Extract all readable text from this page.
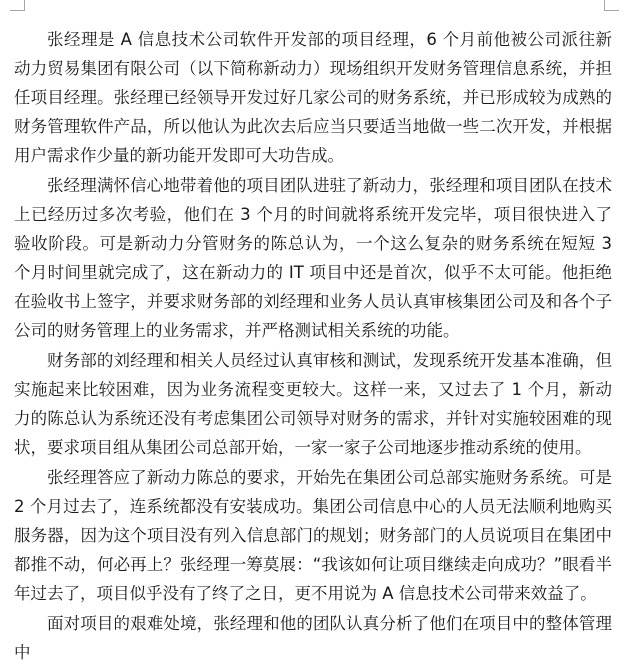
张经理是 A 信息技术公司软件开发部的项目经理，6 个月前他被公司派往新动力贸易集团有限公司（以下简称新动力）现场组织开发财务管理信息系统，并担任项目经理。张经理已经领导开发过好几家公司的财务系统，并已形成较为成熟的财务管理软件产品，所以他认为此次去后应当只要适当地做一些二次开发，并根据用户需求作少量的新功能开发即可大功告成。

张经理满怀信心地带着他的项目团队进驻了新动力，张经理和项目团队在技术上已经历过多次考验，他们在 3 个月的时间就将系统开发完毕，项目很快进入了验收阶段。可是新动力分管财务的陈总认为，一个这么复杂的财务系统在短短 3 个月时间里就完成了，这在新动力的 IT 项目中还是首次，似乎不太可能。他拒绝在验收书上签字，并要求财务部的刘经理和业务人员认真审核集团公司及和各个子公司的财务管理上的业务需求，并严格测试相关系统的功能。

财务部的刘经理和相关人员经过认真审核和测试，发现系统开发基本准确，但实施起来比较困难，因为业务流程变更较大。这样一来，又过去了 1 个月，新动力的陈总认为系统还没有考虑集团公司领导对财务的需求，并针对实施较困难的现状，要求项目组从集团公司总部开始，一家一家子公司地逐步推动系统的使用。

张经理答应了新动力陈总的要求，开始先在集团公司总部实施财务系统。可是 2 个月过去了，连系统都没有安装成功。集团公司信息中心的人员无法顺利地购买服务器，因为这个项目没有列入信息部门的规划；财务部门的人员说项目在集团中都推不动，何必再上？张经理一筹莫展：“我该如何让项目继续走向成功？”眼看半年过去了，项目似乎没有了终了之日，更不用说为 A 信息技术公司带来效益了。

面对项目的艰难处境，张经理和他的团队认真分析了他们在项目中的整体管理中
